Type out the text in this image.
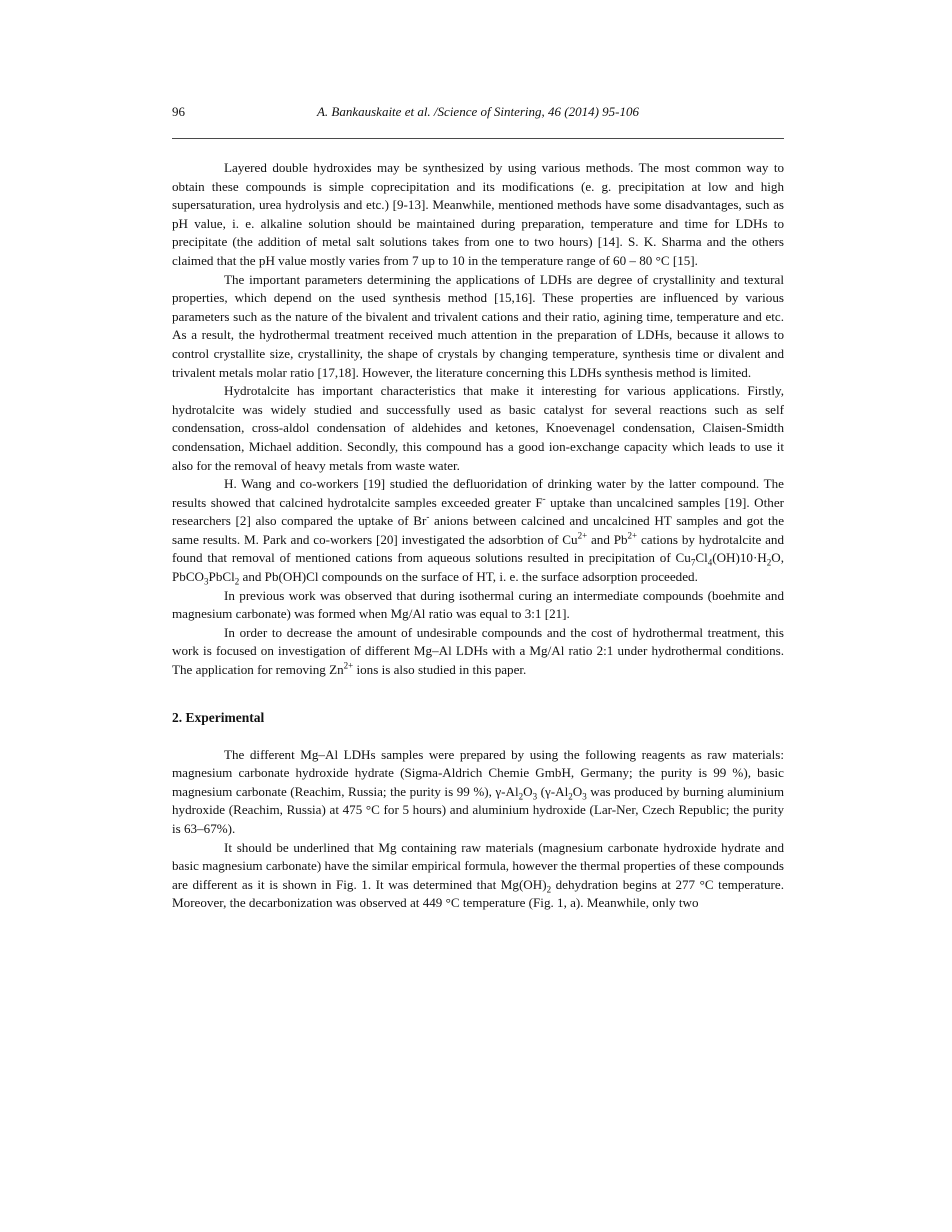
96	A. Bankauskaite et al. /Science of Sintering, 46 (2014) 95-106

Layered double hydroxides may be synthesized by using various methods. The most common way to obtain these compounds is simple coprecipitation and its modifications (e. g. precipitation at low and high supersaturation, urea hydrolysis and etc.) [9-13]. Meanwhile, mentioned methods have some disadvantages, such as pH value, i. e. alkaline solution should be maintained during preparation, temperature and time for LDHs to precipitate (the addition of metal salt solutions takes from one to two hours) [14]. S. K. Sharma and the others claimed that the pH value mostly varies from 7 up to 10 in the temperature range of 60 – 80 °C [15].

The important parameters determining the applications of LDHs are degree of crystallinity and textural properties, which depend on the used synthesis method [15,16]. These properties are influenced by various parameters such as the nature of the bivalent and trivalent cations and their ratio, agining time, temperature and etc. As a result, the hydrothermal treatment received much attention in the preparation of LDHs, because it allows to control crystallite size, crystallinity, the shape of crystals by changing temperature, synthesis time or divalent and trivalent metals molar ratio [17,18]. However, the literature concerning this LDHs synthesis method is limited.

Hydrotalcite has important characteristics that make it interesting for various applications. Firstly, hydrotalcite was widely studied and successfully used as basic catalyst for several reactions such as self condensation, cross-aldol condensation of aldehides and ketones, Knoevenagel condensation, Claisen-Smidth condensation, Michael addition. Secondly, this compound has a good ion-exchange capacity which leads to use it also for the removal of heavy metals from waste water.

H. Wang and co-workers [19] studied the defluoridation of drinking water by the latter compound. The results showed that calcined hydrotalcite samples exceeded greater F- uptake than uncalcined samples [19]. Other researchers [2] also compared the uptake of Br- anions between calcined and uncalcined HT samples and got the same results. M. Park and co-workers [20] investigated the adsorbtion of $Cu^{2+}$ and $Pb^{2+}$ cations by hydrotalcite and found that removal of mentioned cations from aqueous solutions resulted in precipitation of $Cu_7Cl_4(OH)10\cdot H_2O$, PbCO$_3$PbCl$_2$ and Pb(OH)Cl compounds on the surface of HT, i. e. the surface adsorption proceeded.

In previous work was observed that during isothermal curing an intermediate compounds (boehmite and magnesium carbonate) was formed when Mg/Al ratio was equal to 3:1 [21].

In order to decrease the amount of undesirable compounds and the cost of hydrothermal treatment, this work is focused on investigation of different Mg–Al LDHs with a Mg/Al ratio 2:1 under hydrothermal conditions. The application for removing $Zn^{2+}$ ions is also studied in this paper.

2. Experimental

The different Mg–Al LDHs samples were prepared by using the following reagents as raw materials: magnesium carbonate hydroxide hydrate (Sigma-Aldrich Chemie GmbH, Germany; the purity is 99 %), basic magnesium carbonate (Reachim, Russia; the purity is 99 %), $\gamma-Al_2O_3$ ($\gamma-Al_2O_3$ was produced by burning aluminium hydroxide (Reachim, Russia) at 475 °C for 5 hours) and aluminium hydroxide (Lar-Ner, Czech Republic; the purity is 63–67%).

It should be underlined that Mg containing raw materials (magnesium carbonate hydroxide hydrate and basic magnesium carbonate) have the similar empirical formula, however the thermal properties of these compounds are different as it is shown in Fig. 1. It was determined that $Mg(OH)_2$ dehydration begins at 277 °C temperature. Moreover, the decarbonization was observed at 449 °C temperature (Fig. 1, a). Meanwhile, only two
